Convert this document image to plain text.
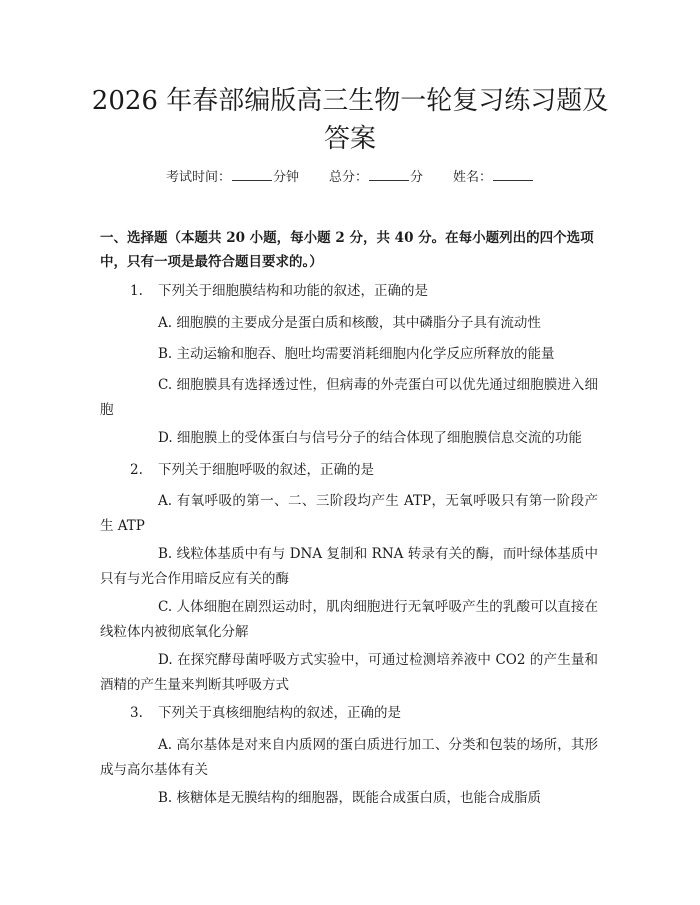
2026 年春部编版高三生物一轮复习练习题及答案
考试时间：	分钟 总分：	分 姓名：

一、选择题（本题共 20 小题，每小题 2 分，共 40 分。在每小题列出的四个选项中，只有一项是最符合题目要求的。）

1. 下列关于细胞膜结构和功能的叙述，正确的是
A. 细胞膜的主要成分是蛋白质和核酸，其中磷脂分子具有流动性
B. 主动运输和胞吞、胞吐均需要消耗细胞内化学反应所释放的能量
C. 细胞膜具有选择透过性，但病毒的外壳蛋白可以优先通过细胞膜进入细胞
D. 细胞膜上的受体蛋白与信号分子的结合体现了细胞膜信息交流的功能
2. 下列关于细胞呼吸的叙述，正确的是
A. 有氧呼吸的第一、二、三阶段均产生 ATP，无氧呼吸只有第一阶段产生 ATP
B. 线粒体基质中有与 DNA 复制和 RNA 转录有关的酶，而叶绿体基质中只有与光合作用暗反应有关的酶
C. 人体细胞在剧烈运动时，肌肉细胞进行无氧呼吸产生的乳酸可以直接在线粒体内被彻底氧化分解
D. 在探究酵母菌呼吸方式实验中，可通过检测培养液中 CO2 的产生量和酒精的产生量来判断其呼吸方式
3. 下列关于真核细胞结构的叙述，正确的是
A. 高尔基体是对来自内质网的蛋白质进行加工、分类和包装的场所，其形成与高尔基体有关
B. 核糖体是无膜结构的细胞器，既能合成蛋白质，也能合成脂质
